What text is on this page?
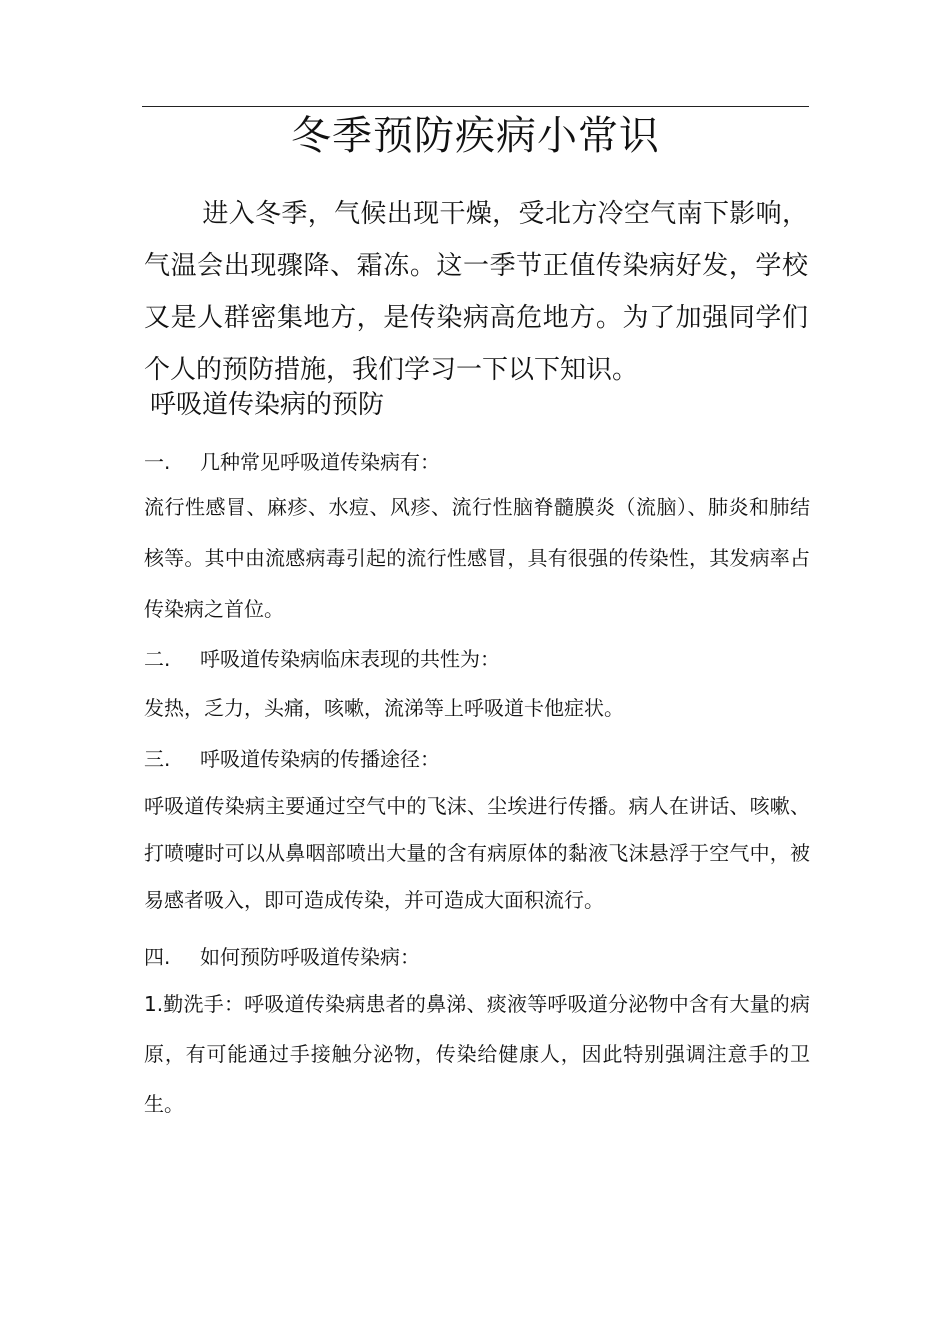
冬季预防疾病小常识
进入冬季，气候出现干燥，受北方冷空气南下影响，气温会出现骤降、霜冻。这一季节正值传染病好发，学校又是人群密集地方，是传染病高危地方。为了加强同学们个人的预防措施，我们学习一下以下知识。
呼吸道传染病的预防
一. 几种常见呼吸道传染病有：
流行性感冒、麻疹、水痘、风疹、流行性脑脊髓膜炎（流脑）、肺炎和肺结核等。其中由流感病毒引起的流行性感冒，具有很强的传染性，其发病率占传染病之首位。
二. 呼吸道传染病临床表现的共性为：
发热，乏力，头痛，咳嗽，流涕等上呼吸道卡他症状。
三. 呼吸道传染病的传播途径：
呼吸道传染病主要通过空气中的飞沫、尘埃进行传播。病人在讲话、咳嗽、打喷嚏时可以从鼻咽部喷出大量的含有病原体的黏液飞沫悬浮于空气中，被易感者吸入，即可造成传染，并可造成大面积流行。
四. 如何预防呼吸道传染病：
1.勤洗手：呼吸道传染病患者的鼻涕、痰液等呼吸道分泌物中含有大量的病原，有可能通过手接触分泌物，传染给健康人，因此特别强调注意手的卫生。
